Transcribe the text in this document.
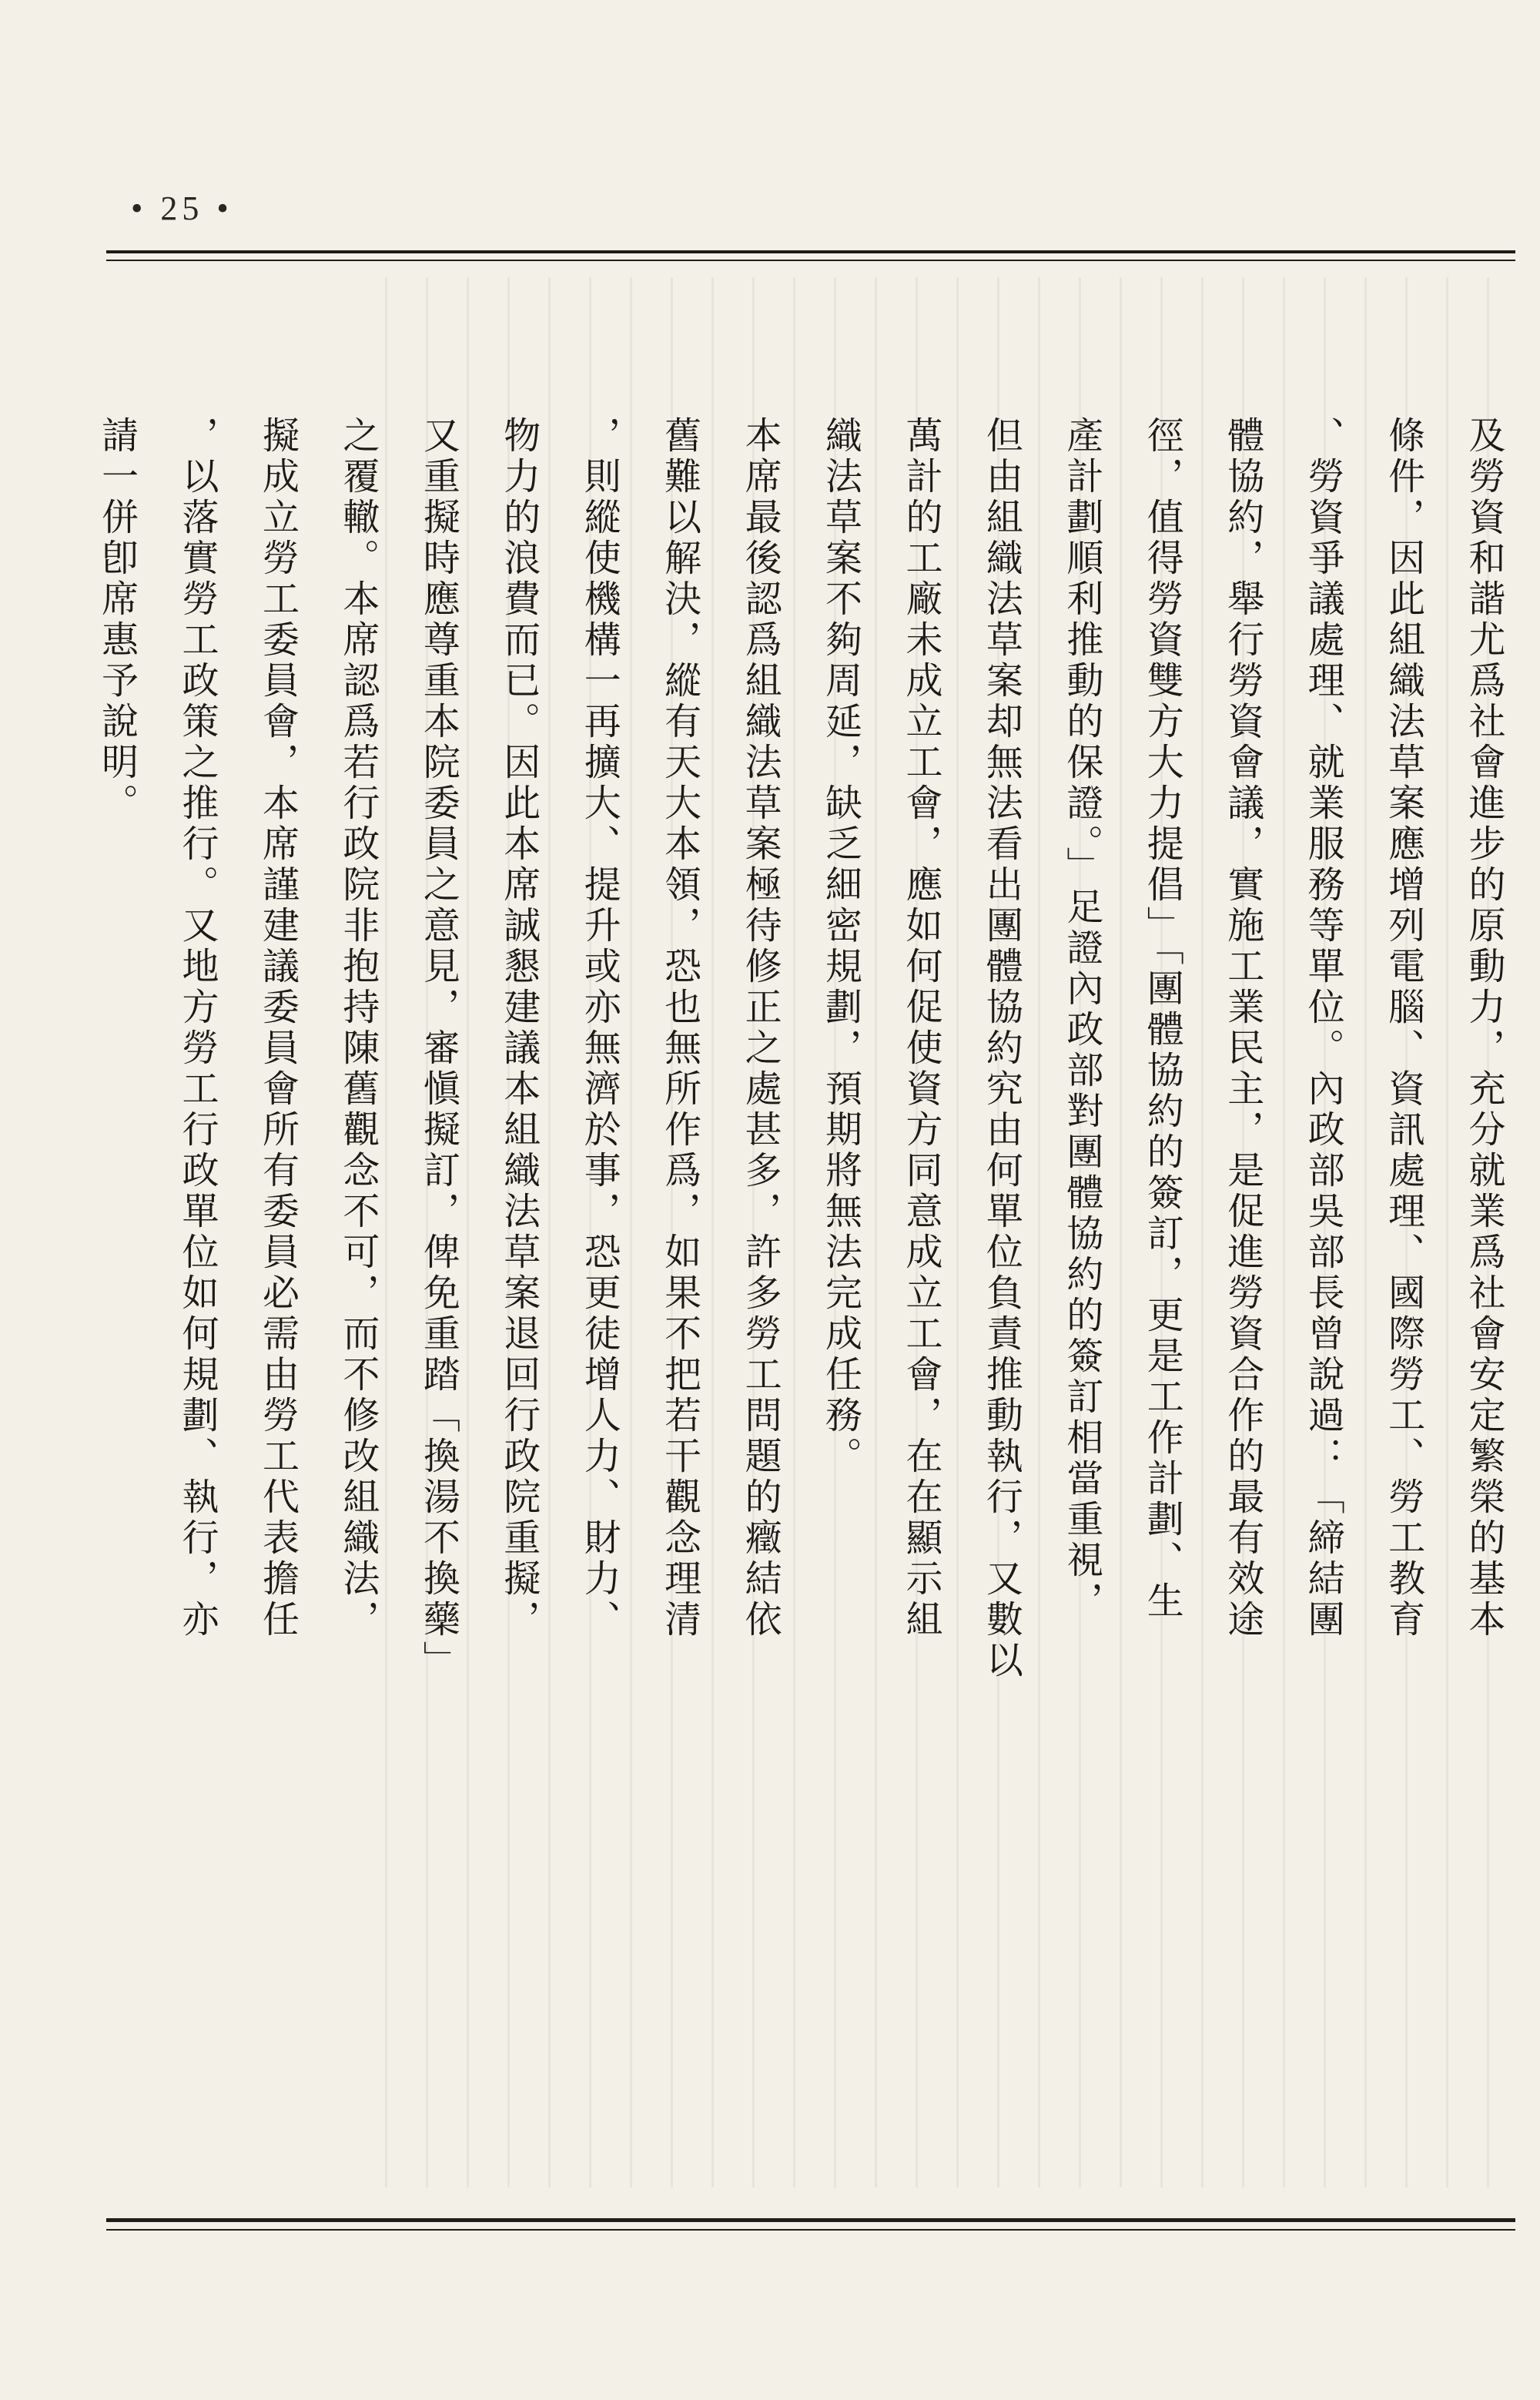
• 25 •
及勞資和諧尤爲社會進步的原動力，充分就業爲社會安定繁榮的基本
條件，因此組織法草案應增列電腦、資訊處理、國際勞工、勞工教育
、勞資爭議處理、就業服務等單位。內政部吳部長曾說過：「締結團
體協約，舉行勞資會議，實施工業民主，是促進勞資合作的最有效途
徑，值得勞資雙方大力提倡」「團體協約的簽訂，更是工作計劃、生
產計劃順利推動的保證。」足證內政部對團體協約的簽訂相當重視，
但由組織法草案却無法看出團體協約究由何單位負責推動執行，又數以
萬計的工廠未成立工會，應如何促使資方同意成立工會，在在顯示組
織法草案不夠周延，缺乏細密規劃，預期將無法完成任務。
本席最後認爲組織法草案極待修正之處甚多，許多勞工問題的癥結依
舊難以解決，縱有天大本領，恐也無所作爲，如果不把若干觀念理清
，則縱使機構一再擴大、提升或亦無濟於事，恐更徒增人力、財力、
物力的浪費而已。因此本席誠懇建議本組織法草案退回行政院重擬，
又重擬時應尊重本院委員之意見，審愼擬訂，俾免重踏「換湯不換藥」
之覆轍。本席認爲若行政院非抱持陳舊觀念不可，而不修改組織法，
擬成立勞工委員會，本席謹建議委員會所有委員必需由勞工代表擔任
，以落實勞工政策之推行。又地方勞工行政單位如何規劃、執行，亦
請一併卽席惠予說明。
